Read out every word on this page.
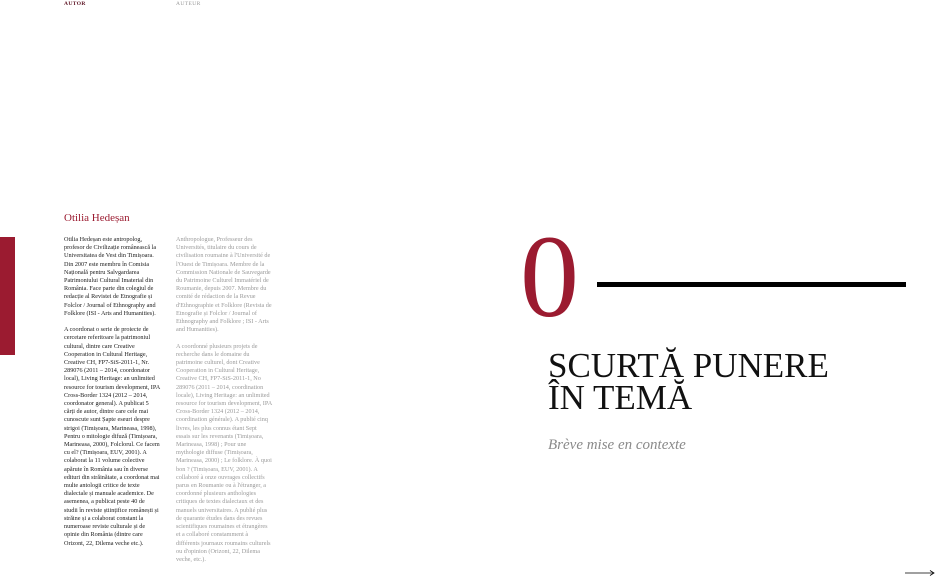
AUTOR	AUTEUR
Otilia Hedeșan

Otilia Hedeșan este antropolog, profesor de Civilizație românească la Universitatea de Vest din Timișoara. Din 2007 este membru în Comisia Națională pentru Salvgardarea Patrimoniului Cultural Imaterial din România. Face parte din colegiul de redacție al Revistei de Etnografie și Folclor / Journal of Ethnography and Folklore (ISI - Arts and Humanities).

A coordonat o serie de proiecte de cercetare referitoare la patrimoniul cultural, dintre care Creative Cooperation in Cultural Heritage, Creative CH, FP7-SiS-2011-1, Nr. 289076 (2011 – 2014, coordonator local), Living Heritage: an unlimited resource for tourism development, IPA Cross-Border 1324 (2012 – 2014, coordonator general). A publicat 5 cărți de autor, dintre care cele mai cunoscute sunt Șapte eseuri despre strigoi (Timișoara, Marineasa, 1998), Pentru o mitologie difuză (Timișoara, Marineasa, 2000), Folclorul. Ce facem cu el? (Timișoara, EUV, 2001). A colaborat la 11 volume colective apărute în România sau în diverse edituri din străinătate, a coordonat mai multe antologii critice de texte dialectale și manuale academice. De asemenea, a publicat peste 40 de studii în reviste științifice românești și străine și a colaborat constant la numeroase reviste culturale și de opinie din România (dintre care Orizont, 22, Dilema veche etc.).

Anthropologue, Professeur des Universités, titulaire du cours de civilisation roumaine à l'Université de l'Ouest de Timișoara. Membre de la Commission Nationale de Sauvegarde du Patrimoine Culturel Immatériel de Roumanie, depuis 2007. Membre du comité de rédaction de la Revue d'Ethnographie et Folklore (Revista de Etnografie și Folclor / Journal of Ethnography and Folklore ; ISI - Arts and Humanities).

A coordonné plusieurs projets de recherche dans le domaine du patrimoine culturel, dont Creative Cooperation in Cultural Heritage, Creative CH, FP7-SiS-2011-1, No 289076 (2011 – 2014, coordination locale), Living Heritage: an unlimited resource for tourism development, IPA Cross-Border 1324 (2012 – 2014, coordination générale). A publié cinq livres, les plus connus étant Sept essais sur les revenants (Timișoara, Marineasa, 1998) ; Pour une mythologie diffuse (Timișoara, Marineasa, 2000) ; Le folklore. À quoi bon ? (Timișoara, EUV, 2001). A collaboré à onze ouvrages collectifs parus en Roumanie ou à l'étranger, a coordonné plusieurs anthologies critiques de textes dialectaux et des manuels universitaires. A publié plus de quarante études dans des revues scientifiques roumaines et étrangères et a collaboré constamment à différents journaux roumains culturels ou d'opinion (Orizont, 22, Dilema veche, etc.).

0
SCURTĂ PUNERE
ÎN TEMĂ
Brève mise en contexte
